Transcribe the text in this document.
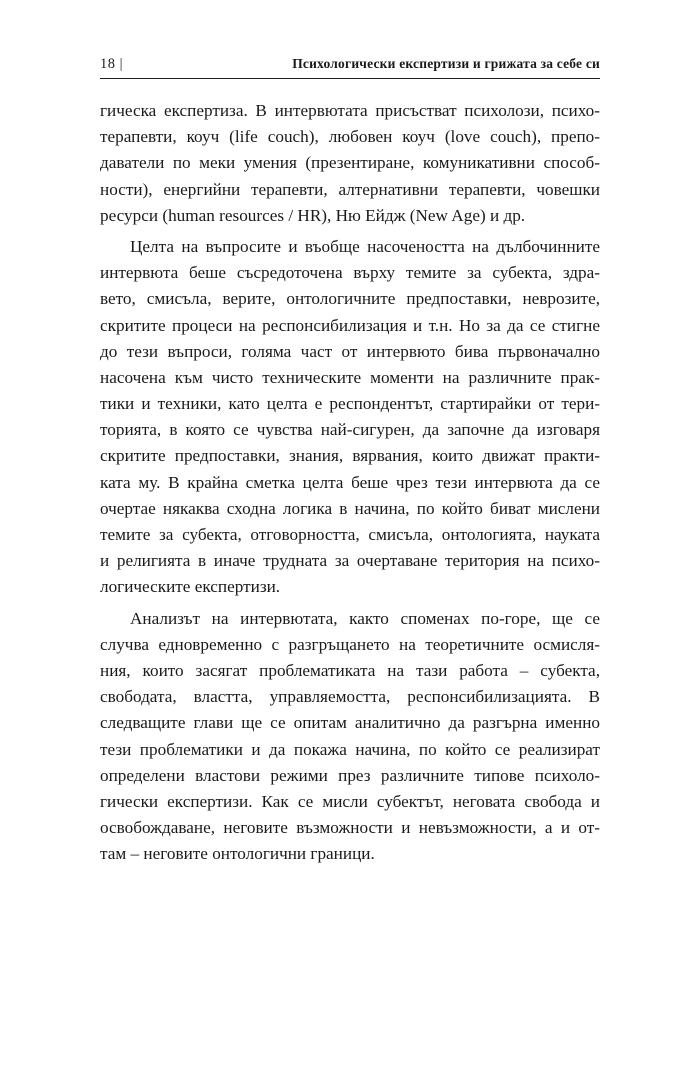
18 |	Психологически експертизи и грижата за себе си
гическа експертиза. В интервютата присъстват психолози, психо-
терапевти, коуч (life couch), любовен коуч (love couch), препо-
даватели по меки умения (презентиране, комуникативни способ-
ности), енергийни терапевти, алтернативни терапевти, човешки
ресурси (human resources / HR), Ню Ейдж (New Age) и др.
Целта на въпросите и въобще насочеността на дълбочинните
интервюта беше съсредоточена върху темите за субекта, здра-
вето, смисъла, верите, онтологичните предпоставки, неврозите,
скритите процеси на респонсибилизация и т.н. Но за да се стигне
до тези въпроси, голяма част от интервюто бива първоначално
насочена към чисто техническите моменти на различните прак-
тики и техники, като целта е респондентът, стартирайки от тери-
торията, в която се чувства най-сигурен, да започне да изговаря
скритите предпоставки, знания, вярвания, които движат практи-
ката му. В крайна сметка целта беше чрез тези интервюта да се
очертае някаква сходна логика в начина, по който биват мислени
темите за субекта, отговорността, смисъла, онтологията, науката
и религията в иначе трудната за очертаване територия на психо-
логическите експертизи.
Анализът на интервютата, както споменах по-горе, ще се
случва едновременно с разгръщането на теоретичните осмисля-
ния, които засягат проблематиката на тази работа – субекта,
свободата, властта, управляемостта, респонсибилизацията. В
следващите глави ще се опитам аналитично да разгърна именно
тези проблематики и да покажа начина, по който се реализират
определени властови режими през различните типове психоло-
гически експертизи. Как се мисли субектът, неговата свобода и
освобождаване, неговите възможности и невъзможности, а и от-
там – неговите онтологични граници.
